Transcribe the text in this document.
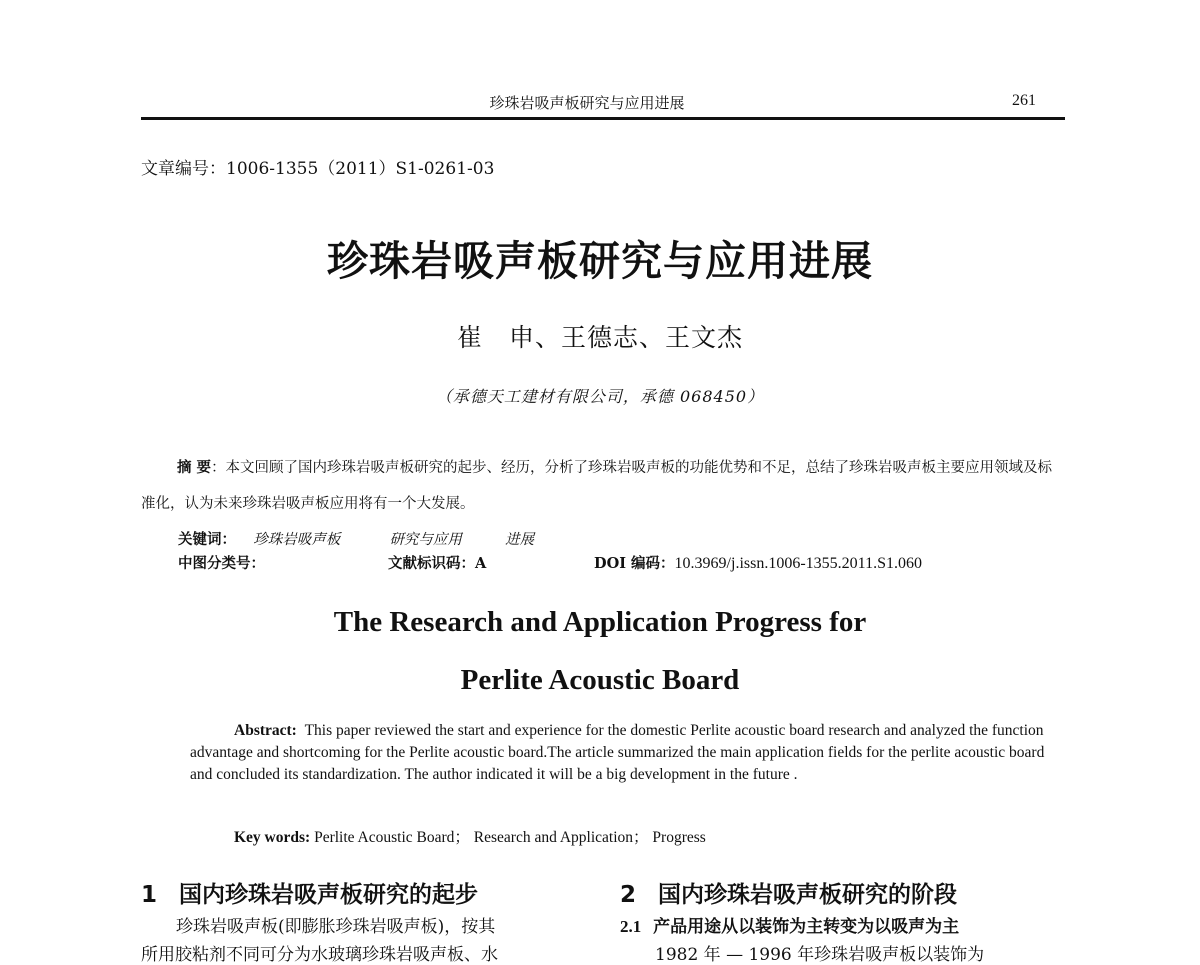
珍珠岩吸声板研究与应用进展	261
文章编号：1006-1355（2011）S1-0261-03
珍珠岩吸声板研究与应用进展
崔　申、王德志、王文杰
（承德天工建材有限公司，承德 068450）
摘 要：本文回顾了国内珍珠岩吸声板研究的起步、经历，分析了珍珠岩吸声板的功能优势和不足，总结了珍珠岩吸声板主要应用领域及标准化，认为未来珍珠岩吸声板应用将有一个大发展。
关键词： 珍珠岩吸声板	研究与应用	进展
中图分类号：	文献标识码：A	DOI 编码：10.3969/j.issn.1006-1355.2011.S1.060
The Research and Application Progress for
Perlite Acoustic Board
Abstract: This paper reviewed the start and experience for the domestic Perlite acoustic board research and analyzed the function advantage and shortcoming for the Perlite acoustic board.The article summarized the main application fields for the perlite acoustic board and concluded its standardization. The author indicated it will be a big development in the future .
Key words: Perlite Acoustic Board； Research and Application； Progress
1 国内珍珠岩吸声板研究的起步
珍珠岩吸声板(即膨胀珍珠岩吸声板)，按其
所用胶粘剂不同可分为水玻璃珍珠岩吸声板、水
2 国内珍珠岩吸声板研究的阶段
2.1 产品用途从以装饰为主转变为以吸声为主
1982 年 — 1996 年珍珠岩吸声板以装饰为
